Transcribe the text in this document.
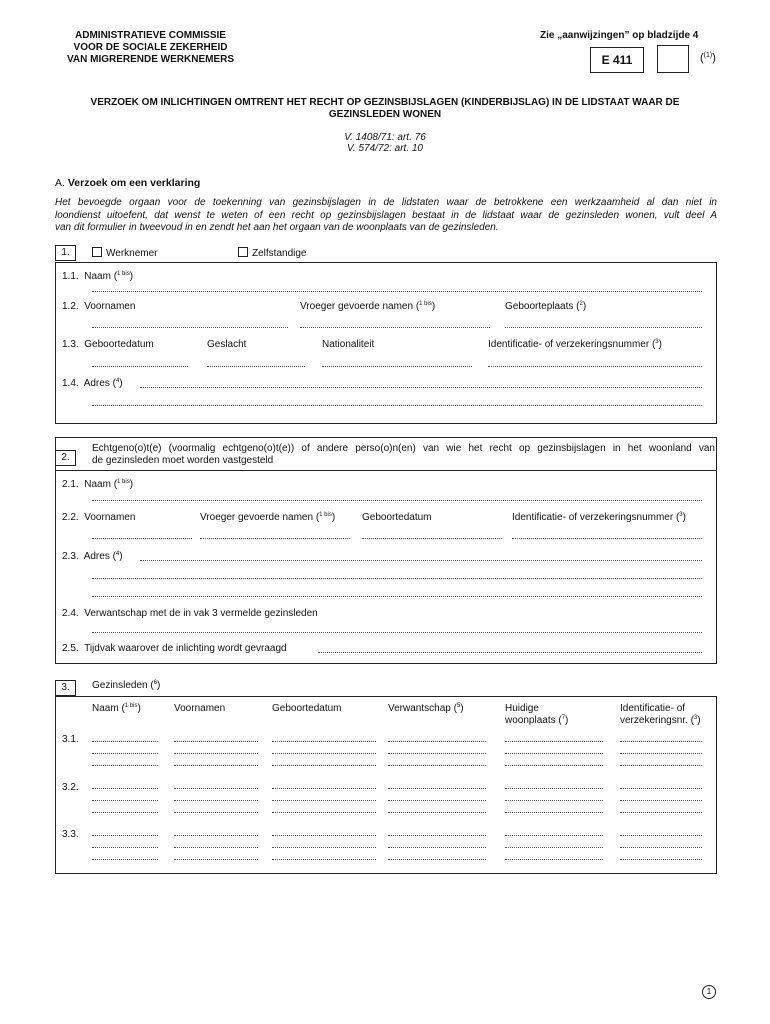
ADMINISTRATIEVE COMMISSIE
VOOR DE SOCIALE ZEKERHEID
VAN MIGRERENDE WERKNEMERS
Zie „aanwijzingen” op bladzijde 4
E 411	($^{(1)}$)
VERZOEK OM INLICHTINGEN OMTRENT HET RECHT OP GEZINSBIJSLAGEN (KINDERBIJSLAG) IN DE LIDSTAAT WAAR DE
GEZINSLEDEN WONEN
V. 1408/71: art. 76
V. 574/72: art. 10
A. Verzoek om een verklaring
Het bevoegde orgaan voor de toekenning van gezinsbijslagen in de lidstaten waar de betrokkene een werkzaamheid al dan niet in
loondienst uitoefent, dat wenst te weten of een recht op gezinsbijslagen bestaat in de lidstaat waar de gezinsleden wonen, vult deel A
van dit formulier in tweevoud in en zendt het aan het orgaan van de woonplaats van de gezinsleden.
1.	Werknemer	Zelfstandige
1.1. Naam ($^{1 bis}$)
1.2. Voornamen	Vroeger gevoerde namen ($^{1 bis}$)	Geboorteplaats ($^2$)
1.3. Geboortedatum	Geslacht	Nationaliteit	Identificatie- of verzekeringsnummer ($^3$)
1.4. Adres ($^4$)
2.
Echtgeno(o)t(e) (voormalig echtgeno(o)t(e)) of andere perso(o)n(en) van wie het recht op gezinsbijslagen in het woonland van
de gezinsleden moet worden vastgesteld
2.1. Naam ($^{1 bis}$)
2.2. Voornamen	Vroeger gevoerde namen ($^{1 bis}$)	Geboortedatum	Identificatie- of verzekeringsnummer ($^3$)
2.3. Adres ($^4$)
2.4. Verwantschap met de in vak 3 vermelde gezinsleden
2.5. Tijdvak waarover de inlichting wordt gevraagd
3.	Gezinsleden ($^6$)
Naam ($^{1 bis}$)	Voornamen	Geboortedatum	Verwantschap ($^5$)	Huidige
woonplaats ($^7$)
Identificatie- of
verzekeringsnr. ($^3$)
3.1.
3.2.
3.3.
1
